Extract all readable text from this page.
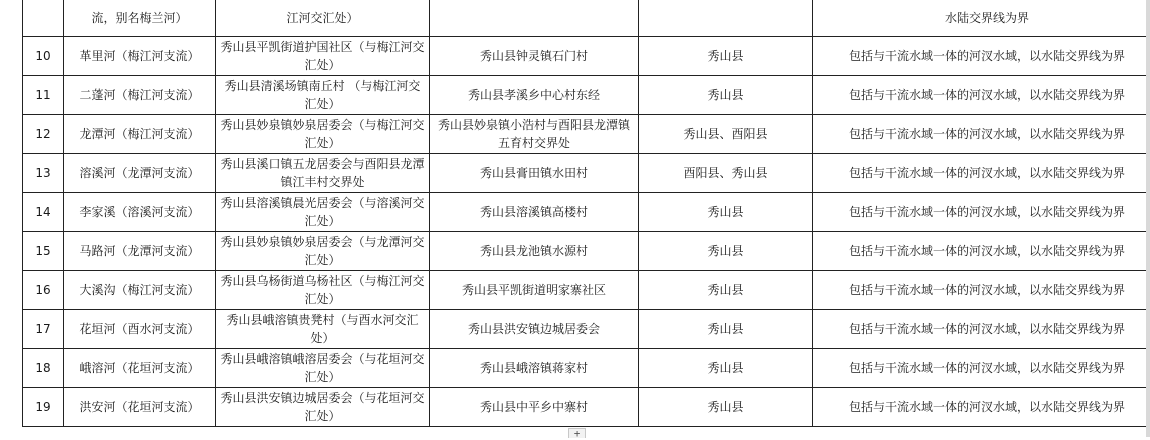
	流，别名梅兰河）	江河交汇处）			水陆交界线为界
10	革里河（梅江河支流）	秀山县平凯街道护国社区（与梅江河交汇处）	秀山县钟灵镇石门村	秀山县	包括与干流水域一体的河汊水域，以水陆交界线为界
11	二蓬河（梅江河支流）	秀山县清溪场镇南丘村 （与梅江河交汇处）	秀山县孝溪乡中心村东经	秀山县	包括与干流水域一体的河汊水域，以水陆交界线为界
12	龙潭河（梅江河支流）	秀山县妙泉镇妙泉居委会（与梅江河交汇处）	秀山县妙泉镇小浩村与酉阳县龙潭镇五育村交界处	秀山县、酉阳县	包括与干流水域一体的河汊水域，以水陆交界线为界
13	溶溪河（龙潭河支流）	秀山县溪口镇五龙居委会与酉阳县龙潭镇江丰村交界处	秀山县膏田镇水田村	酉阳县、秀山县	包括与干流水域一体的河汊水域，以水陆交界线为界
14	李家溪（溶溪河支流）	秀山县溶溪镇晨光居委会（与溶溪河交汇处）	秀山县溶溪镇高楼村	秀山县	包括与干流水域一体的河汊水域，以水陆交界线为界
15	马路河（龙潭河支流）	秀山县妙泉镇妙泉居委会（与龙潭河交汇处）	秀山县龙池镇水源村	秀山县	包括与干流水域一体的河汊水域，以水陆交界线为界
16	大溪沟（梅江河支流）	秀山县乌杨街道乌杨社区（与梅江河交汇处）	秀山县平凯街道明家寨社区	秀山县	包括与干流水域一体的河汊水域，以水陆交界线为界
17	花垣河（酉水河支流）	秀山县峨溶镇贵凳村（与酉水河交汇处）	秀山县洪安镇边城居委会	秀山县	包括与干流水域一体的河汊水域，以水陆交界线为界
18	峨溶河（花垣河支流）	秀山县峨溶镇峨溶居委会（与花垣河交汇处）	秀山县峨溶镇蒋家村	秀山县	包括与干流水域一体的河汊水域，以水陆交界线为界
19	洪安河（花垣河支流）	秀山县洪安镇边城居委会（与花垣河交汇处）	秀山县中平乡中寨村	秀山县	包括与干流水域一体的河汊水域，以水陆交界线为界
+
